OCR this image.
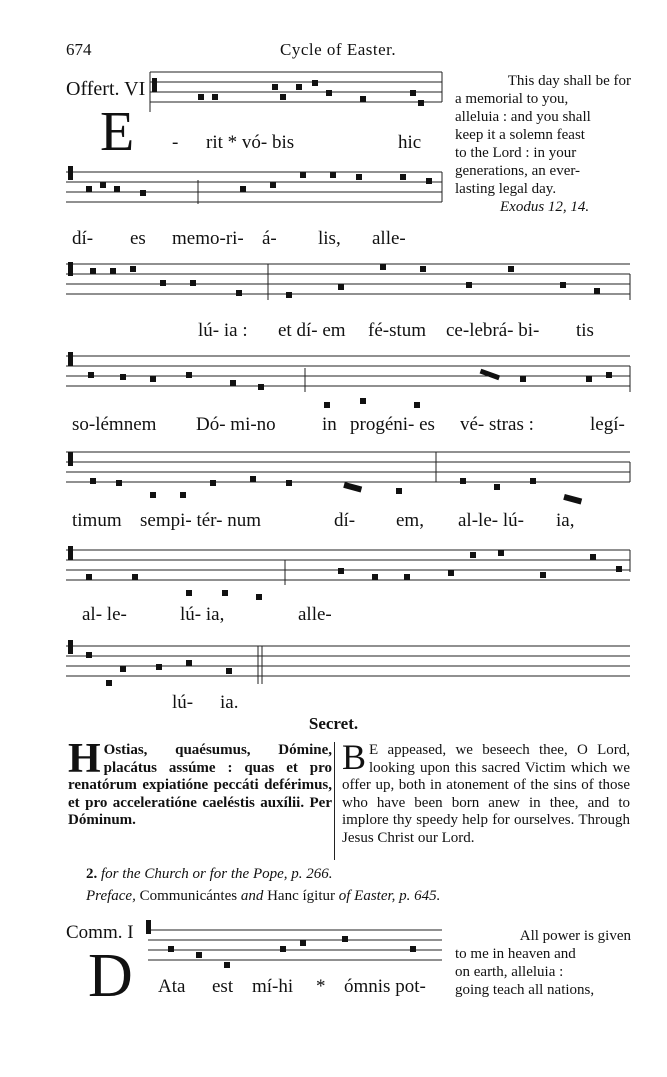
674	Cycle of Easter.
Offert. VI
E - rit * vó- bis	hic
dí- es memo-ri- á- lis, alle-
lú- ia : et dí- em fé-stum ce-lebrá- bi- tis
so-lémnem Dó- mi-no in progéni- es vé- stras :	legí-
timum sempi- tér- num	dí- em, al-le- lú- ia,
al- le-	lú- ia,	alle-
lú- ia.
This day shall be for
a memorial to you,
alleluia : and you shall
keep it a solemn feast
to the Lord : in your
generations, an ever-
lasting legal day.
Exodus 12, 14.
Secret.
H Ostias, quaésumus, Dómine, placátus assúme : quas et pro renatórum expiatióne peccáti deférimus, et pro acceleratióne caeléstis auxílii. Per Dóminum.
B E appeased, we beseech thee, O Lord, looking upon this sacred Victim which we offer up, both in atonement of the sins of those who have been born anew in thee, and to implore thy speedy help for ourselves. Through Jesus Christ our Lord.
2. for the Church or for the Pope, p. 266.
Preface, Communicántes and Hanc ígitur of Easter, p. 645.
Comm. I
D Ata est mí-hi * ómnis pot-
All power is given
to me in heaven and
on earth, alleluia :
going teach all nations,
